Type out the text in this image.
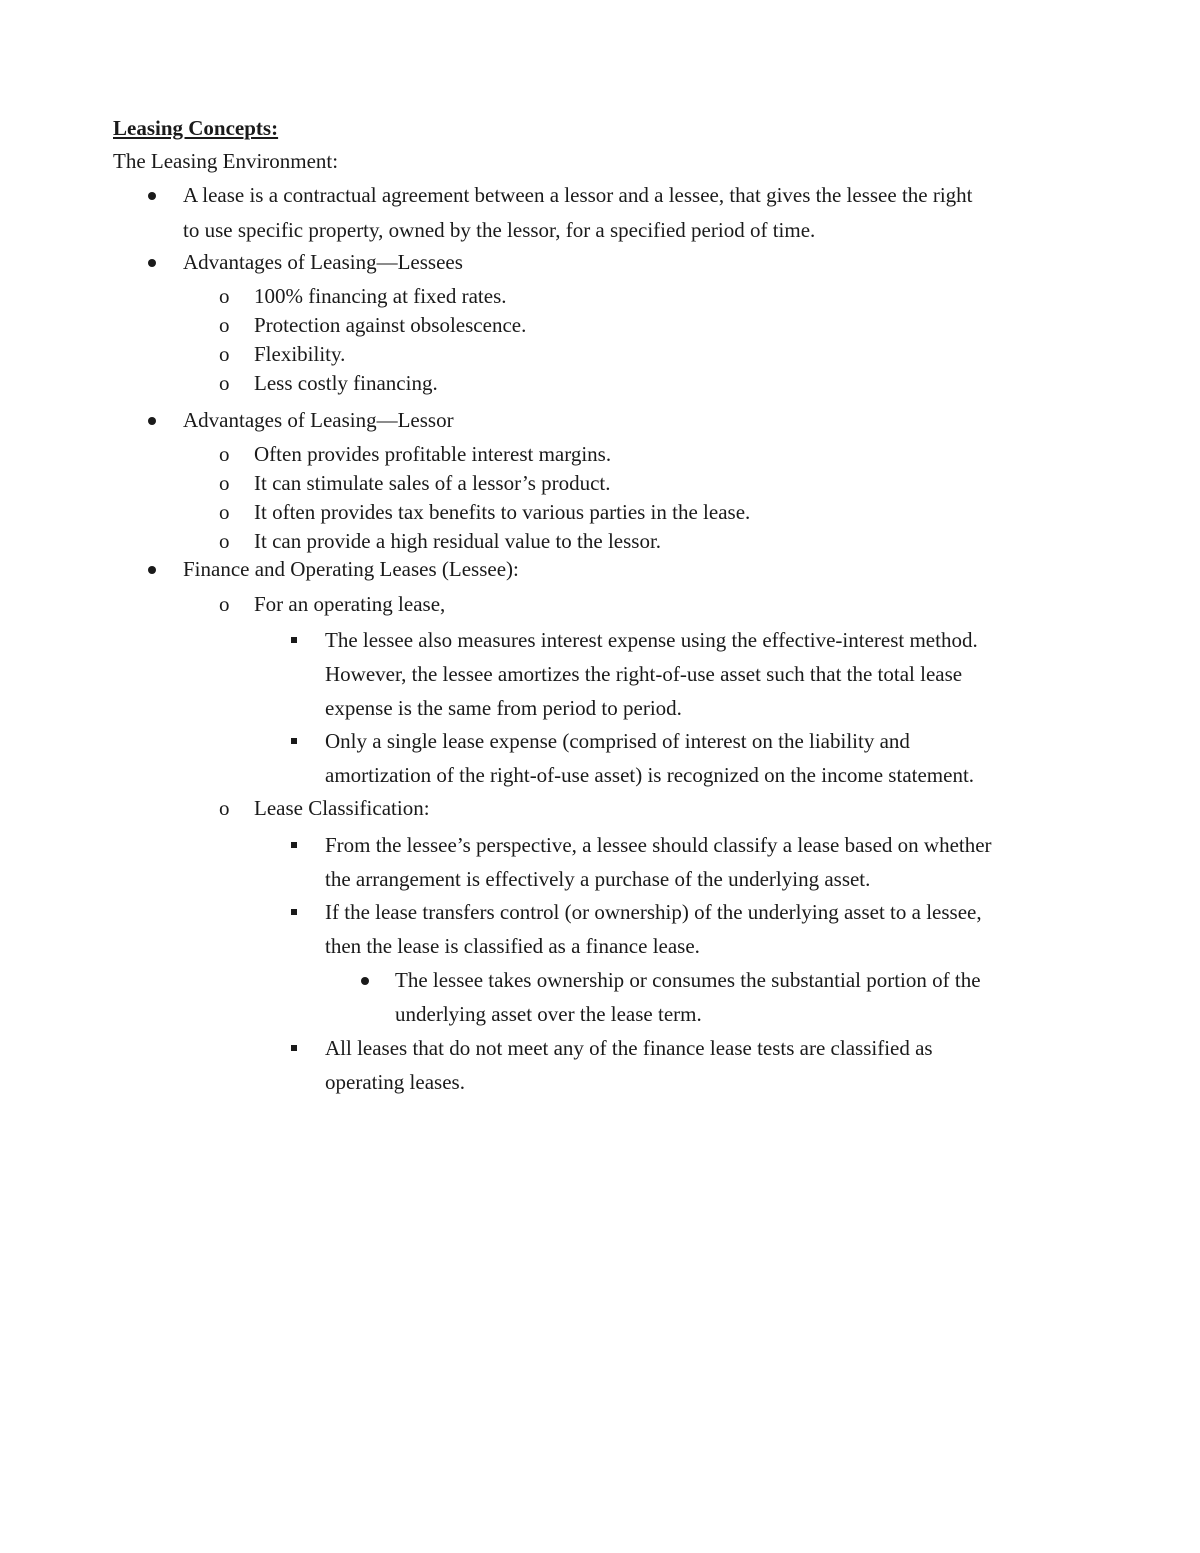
Leasing Concepts:
The Leasing Environment:
A lease is a contractual agreement between a lessor and a lessee, that gives the lessee the right
to use specific property, owned by the lessor, for a specified period of time.
Advantages of Leasing—Lessees
o 100% financing at fixed rates.
o Protection against obsolescence.
o Flexibility.
o Less costly financing.
Advantages of Leasing—Lessor
o Often provides profitable interest margins.
o It can stimulate sales of a lessor’s product.
o It often provides tax benefits to various parties in the lease.
o It can provide a high residual value to the lessor.
Finance and Operating Leases (Lessee):
o For an operating lease,
The lessee also measures interest expense using the effective-interest method.
However, the lessee amortizes the right-of-use asset such that the total lease
expense is the same from period to period.
Only a single lease expense (comprised of interest on the liability and
amortization of the right-of-use asset) is recognized on the income statement.
o Lease Classification:
From the lessee’s perspective, a lessee should classify a lease based on whether
the arrangement is effectively a purchase of the underlying asset.
If the lease transfers control (or ownership) of the underlying asset to a lessee,
then the lease is classified as a finance lease.
The lessee takes ownership or consumes the substantial portion of the
underlying asset over the lease term.
All leases that do not meet any of the finance lease tests are classified as
operating leases.
